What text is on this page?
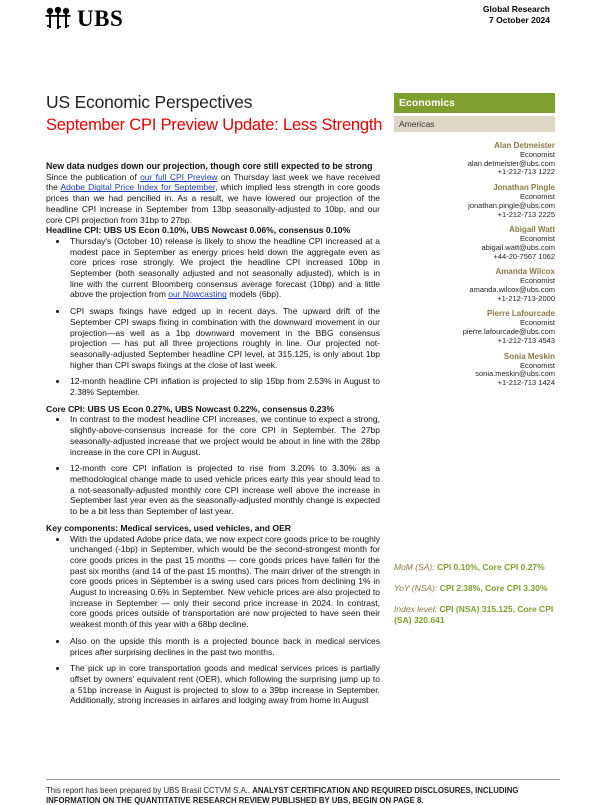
UBS	Global Research
7 October 2024
US Economic Perspectives
September CPI Preview Update: Less Strength
Economics
Americas
Alan Detmeister
Economist
alan.detmeister@ubs.com
+1-212-713 1222
Jonathan Pingle
Economist
jonathan.pingle@ubs.com
+1-212-713 2225
Abigail Watt
Economist
abigail.watt@ubs.com
+44-20-7567 1062
Amanda Wilcox
Economist
amanda.wilcox@ubs.com
+1-212-713-2000
Pierre Lafourcade
Economist
pierre.lafourcade@ubs.com
+1-212-713 4543
Sonia Meskin
Economist
sonia.meskin@ubs.com
+1-212-713 1424

New data nudges down our projection, though core still expected to be strong

Since the publication of our full CPI Preview on Thursday last week we have received the Adobe Digital Price Index for September, which implied less strength in core goods prices than we had pencilled in. As a result, we have lowered our projection of the headline CPI increase in September from 13bp seasonally-adjusted to 10bp, and our core CPI projection from 31bp to 27bp.

Headline CPI: UBS US Econ 0.10%, UBS Nowcast 0.06%, consensus 0.10%

• Thursday's (October 10) release is likely to show the headline CPI increased at a modest pace in September as energy prices held down the aggregate even as core prices rose strongly. We project the headline CPI increased 10bp in September (both seasonally adjusted and not seasonally adjusted), which is in line with the current Bloomberg consensus average forecast (10bp) and a little above the projection from our Nowcasting models (6bp).
• CPI swaps fixings have edged up in recent days. The upward drift of the September CPI swaps fixing in combination with the downward movement in our projection—as well as a 1bp downward movement in the BBG consensus projection — has put all three projections roughly in line. Our projected not-seasonally-adjusted September headline CPI level, at 315.125, is only about 1bp higher than CPI swaps fixings at the close of last week.
• 12-month headline CPI inflation is projected to slip 15bp from 2.53% in August to 2.38% September.

Core CPI: UBS US Econ 0.27%, UBS Nowcast 0.22%, consensus 0.23%

• In contrast to the modest headline CPI increases, we continue to expect a strong, slightly-above-consensus increase for the core CPI in September. The 27bp seasonally-adjusted increase that we project would be about in line with the 28bp increase in the core CPI in August.
• 12-month core CPI inflation is projected to rise from 3.20% to 3.30% as a methodological change made to used vehicle prices early this year should lead to a not-seasonally-adjusted monthly core CPI increase well above the increase in September last year even as the seasonally-adjusted monthly change is expected to be a bit less than September of last year.

Key components: Medical services, used vehicles, and OER

• With the updated Adobe price data, we now expect core goods price to be roughly unchanged (-1bp) in September, which would be the second-strongest month for core goods prices in the past 15 months — core goods prices have fallen for the past six months (and 14 of the past 15 months). The main driver of the strength in core goods prices in September is a swing used cars prices from declining 1% in August to increasing 0.6% in September. New vehicle prices are also projected to increase in September — only their second price increase in 2024. In contrast, core goods prices outside of transportation are now projected to have seen their weakest month of this year with a 68bp decline.
• Also on the upside this month is a projected bounce back in medical services prices after surprising declines in the past two months.
• The pick up in core transportation goods and medical services prices is partially offset by owners' equivalent rent (OER), which following the surprising jump up to a 51bp increase in August is projected to slow to a 39bp increase in September. Additionally, strong increases in airfares and lodging away from home in August
MoM (SA): CPI 0.10%, Core CPI 0.27%
YoY (NSA): CPI 2.38%, Core CPI 3.30%
Index level: CPI (NSA) 315.125, Core CPI (SA) 320.641
This report has been prepared by UBS Brasil CCTVM S.A.. ANALYST CERTIFICATION AND REQUIRED DISCLOSURES, INCLUDING INFORMATION ON THE QUANTITATIVE RESEARCH REVIEW PUBLISHED BY UBS, BEGIN ON PAGE 8.
